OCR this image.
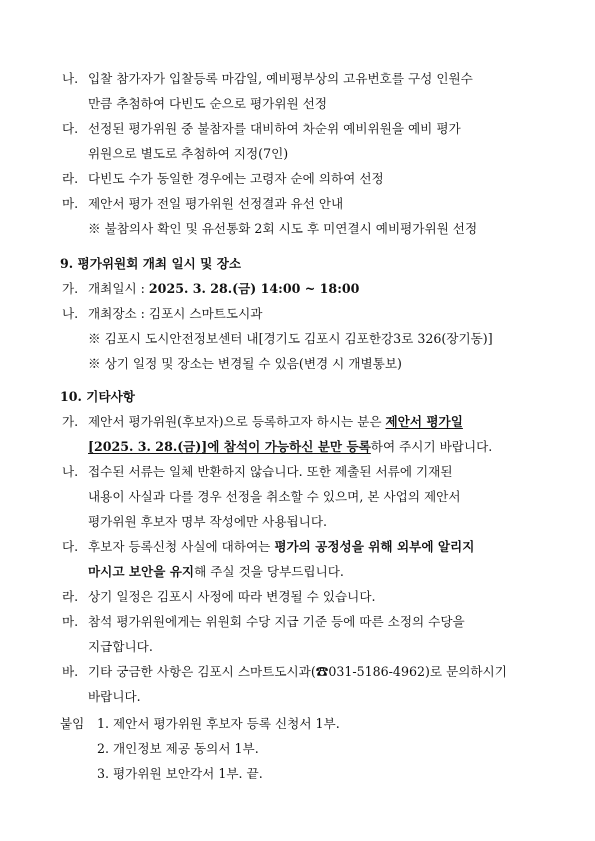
나. 입찰 참가자가 입찰등록 마감일, 예비평부상의 고유번호를 구성 인원수
만큼 추첨하여 다빈도 순으로 평가위원 선정
다. 선정된 평가위원 중 불참자를 대비하여 차순위 예비위원을 예비 평가
위원으로 별도로 추첨하여 지정(7인)
라. 다빈도 수가 동일한 경우에는 고령자 순에 의하여 선정
마. 제안서 평가 전일 평가위원 선정결과 유선 안내
※ 불참의사 확인 및 유선통화 2회 시도 후 미연결시 예비평가위원 선정
9. 평가위원회 개최 일시 및 장소
가. 개최일시 : 2025. 3. 28.(금) 14:00 ~ 18:00
나. 개최장소 : 김포시 스마트도시과
※ 김포시 도시안전정보센터 내[경기도 김포시 김포한강3로 326(장기동)]
※ 상기 일정 및 장소는 변경될 수 있음(변경 시 개별통보)
10. 기타사항
가. 제안서 평가위원(후보자)으로 등록하고자 하시는 분은 제안서 평가일
[2025. 3. 28.(금)]에 참석이 가능하신 분만 등록하여 주시기 바랍니다.
나. 접수된 서류는 일체 반환하지 않습니다. 또한 제출된 서류에 기재된
내용이 사실과 다를 경우 선정을 취소할 수 있으며, 본 사업의 제안서
평가위원 후보자 명부 작성에만 사용됩니다.
다. 후보자 등록신청 사실에 대하여는 평가의 공정성을 위해 외부에 알리지
마시고 보안을 유지해 주실 것을 당부드립니다.
라. 상기 일정은 김포시 사정에 따라 변경될 수 있습니다.
마. 참석 평가위원에게는 위원회 수당 지급 기준 등에 따른 소정의 수당을
지급합니다.
바. 기타 궁금한 사항은 김포시 스마트도시과(☎031-5186-4962)로 문의하시기
바랍니다.
붙임 1. 제안서 평가위원 후보자 등록 신청서 1부.
2. 개인정보 제공 동의서 1부.
3. 평가위원 보안각서 1부. 끝.
